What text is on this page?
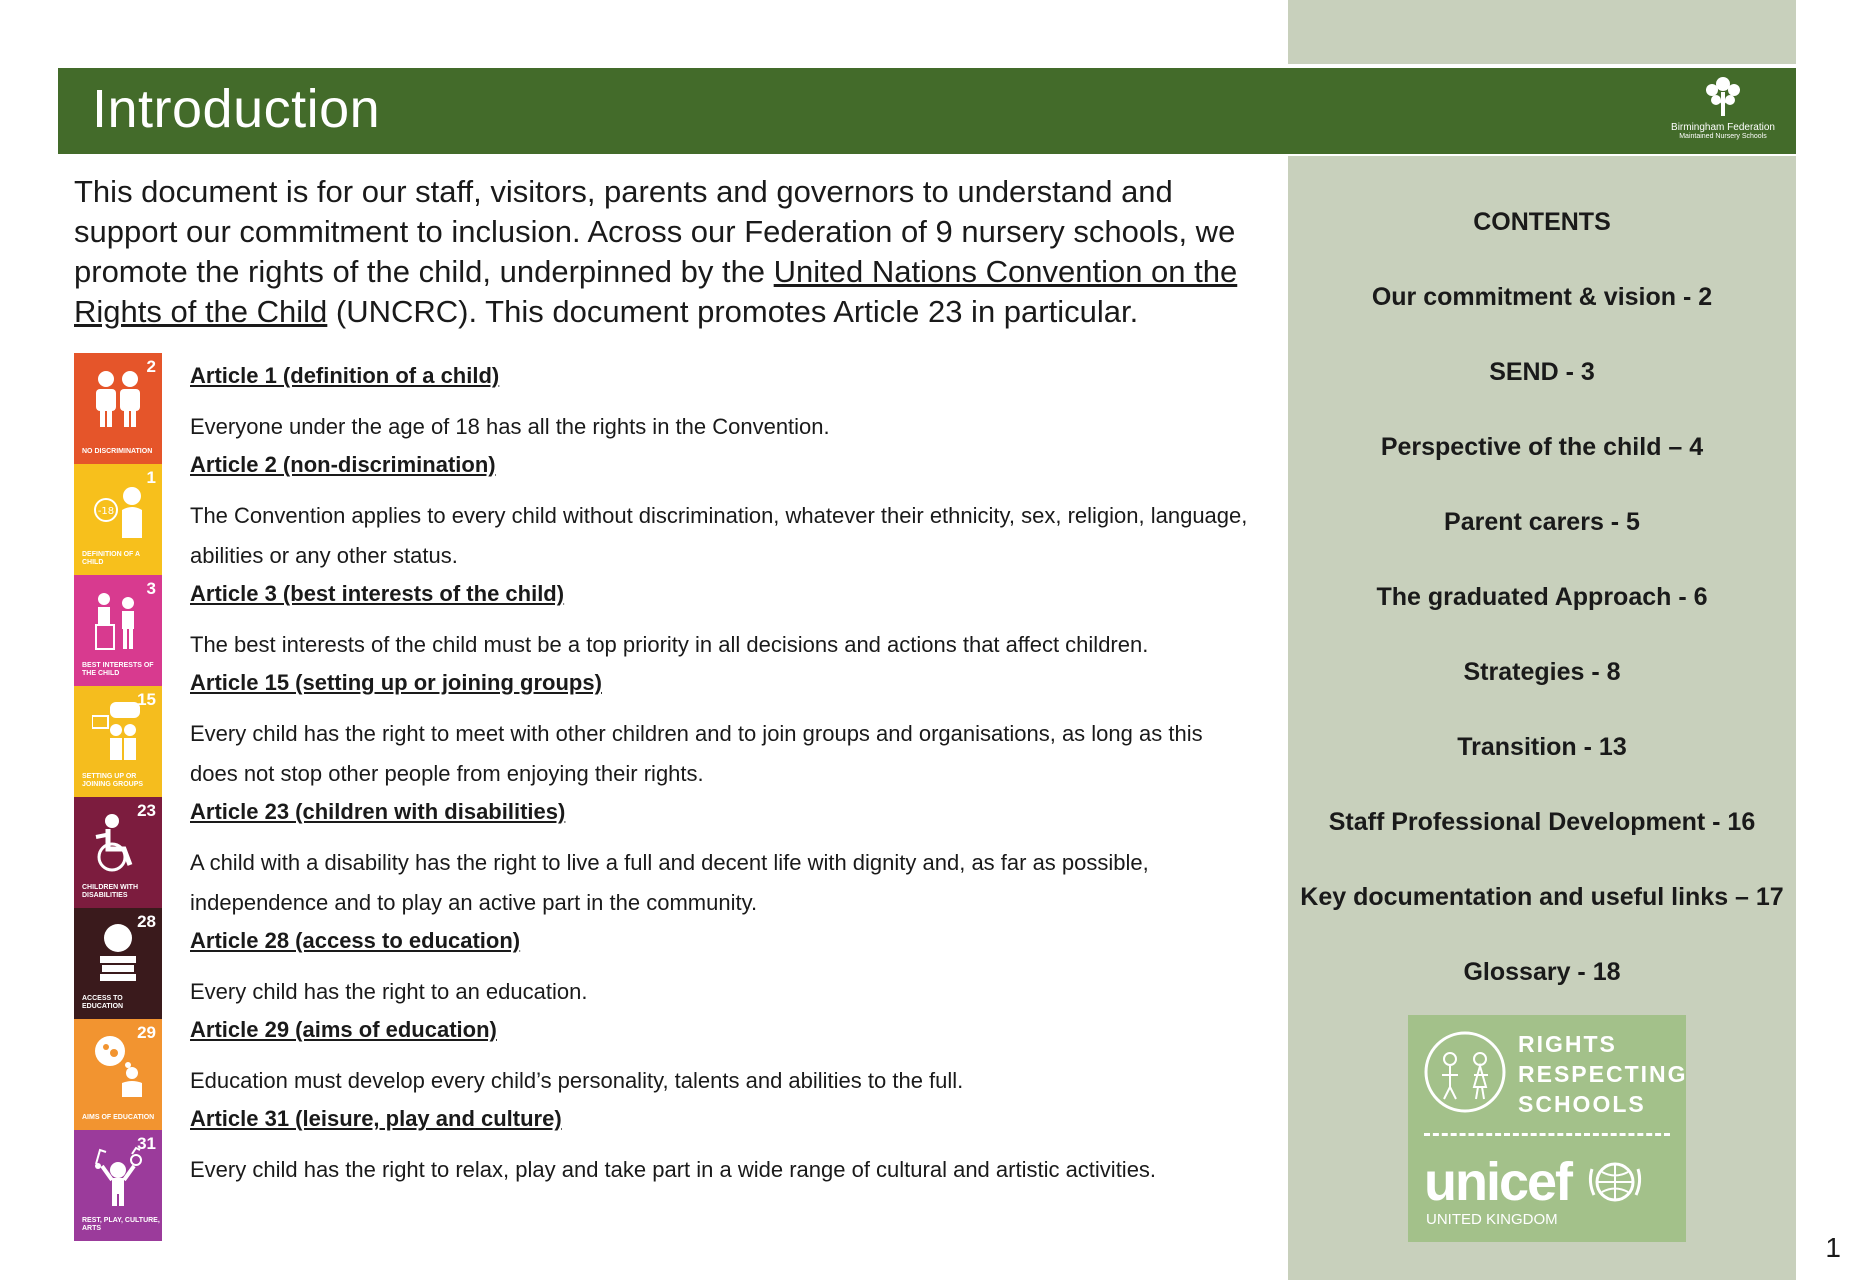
Introduction	Birmingham Federation
Maintained Nursery Schools
This document is for our staff, visitors, parents and governors to understand and support our commitment to inclusion. Across our Federation of 9 nursery schools, we promote the rights of the child, underpinned by the United Nations Convention on the Rights of the Child (UNCRC). This document promotes Article 23 in particular.
2
NO DISCRIMINATION
-18
1
DEFINITION OF A CHILD
3
BEST INTERESTS OF THE CHILD
15
SETTING UP OR JOINING GROUPS
23
CHILDREN WITH DISABILITIES
28
ACCESS TO EDUCATION
29
AIMS OF EDUCATION
31
REST, PLAY, CULTURE, ARTS
Article 1 (definition of a child)
Everyone under the age of 18 has all the rights in the Convention.
Article 2 (non-discrimination)
The Convention applies to every child without discrimination, whatever their ethnicity, sex, religion, language, abilities or any other status.
Article 3 (best interests of the child)
The best interests of the child must be a top priority in all decisions and actions that affect children.
Article 15 (setting up or joining groups)
Every child has the right to meet with other children and to join groups and organisations, as long as this does not stop other people from enjoying their rights.
Article 23 (children with disabilities)
A child with a disability has the right to live a full and decent life with dignity and, as far as possible, independence and to play an active part in the community.
Article 28 (access to education)
Every child has the right to an education.
Article 29 (aims of education)
Education must develop every child’s personality, talents and abilities to the full.
Article 31 (leisure, play and culture)
Every child has the right to relax, play and take part in a wide range of cultural and artistic activities.
CONTENTS
Our commitment & vision - 2
SEND - 3
Perspective of the child – 4
Parent carers - 5
The graduated Approach - 6
Strategies - 8
Transition - 13
Staff Professional Development - 16
Key documentation and useful links – 17
Glossary - 18
RIGHTS
RESPECTING
SCHOOLS
unicef
UNITED KINGDOM
1
